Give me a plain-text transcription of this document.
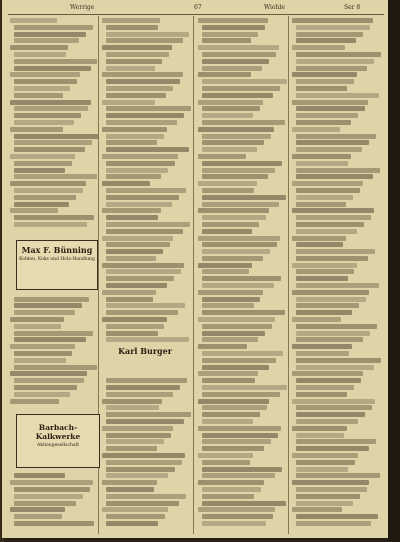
Werrige	67	Wiehle	Ser 8

Max F. Bünning
Kohlen, Koks und Holz-Handlung
Karl Burger
Barbach-Kalkwerke
Aktiengesellschaft
